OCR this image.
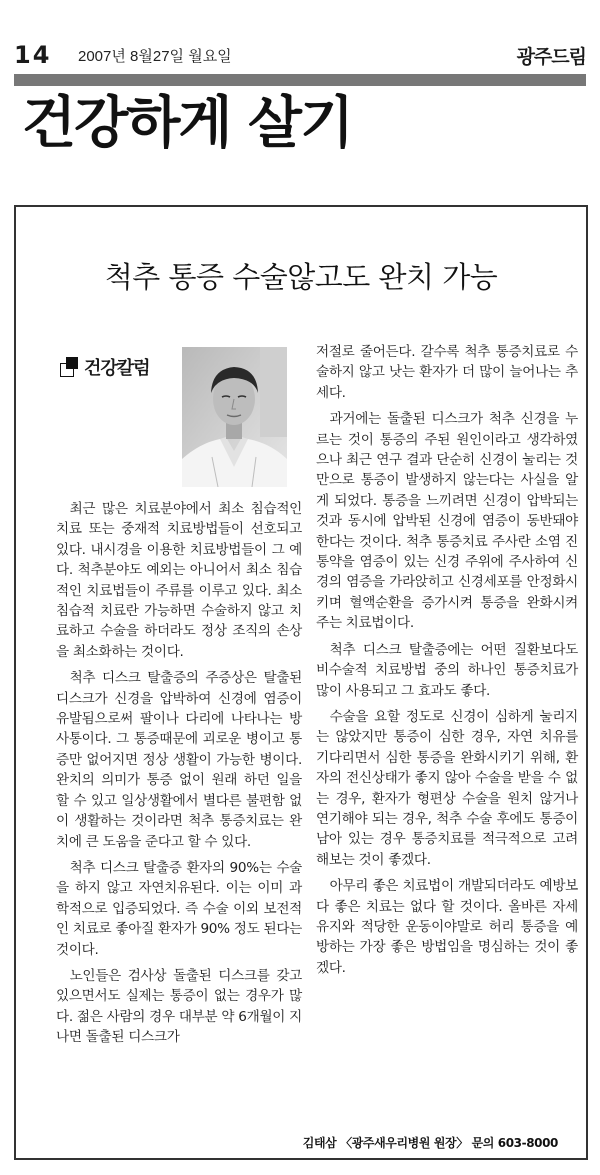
14	2007년 8월27일 월요일	광주드림
건강하게 살기
척추 통증 수술않고도 완치 가능
건강칼럼

최근 많은 치료분야에서 최소 침습적인 치료 또는 중재적 치료방법들이 선호되고 있다. 내시경을 이용한 치료방법들이 그 예다. 척추분야도 예외는 아니어서 최소 침습적인 치료법들이 주류를 이루고 있다. 최소 침습적 치료란 가능하면 수술하지 않고 치료하고 수술을 하더라도 정상 조직의 손상을 최소화하는 것이다.

척추 디스크 탈출증의 주증상은 탈출된 디스크가 신경을 압박하여 신경에 염증이 유발됨으로써 팔이나 다리에 나타나는 방사통이다. 그 통증때문에 괴로운 병이고 통증만 없어지면 정상 생활이 가능한 병이다. 완치의 의미가 통증 없이 원래 하던 일을 할 수 있고 일상생활에서 별다른 불편함 없이 생활하는 것이라면 척추 통증치료는 완치에 큰 도움을 준다고 할 수 있다.

척추 디스크 탈출증 환자의 90%는 수술을 하지 않고 자연치유된다. 이는 이미 과학적으로 입증되었다. 즉 수술 이외 보전적인 치료로 좋아질 환자가 90% 정도 된다는 것이다.

노인들은 검사상 돌출된 디스크를 갖고 있으면서도 실제는 통증이 없는 경우가 많다. 젊은 사람의 경우 대부분 약 6개월이 지나면 돌출된 디스크가

저절로 줄어든다. 갈수록 척추 통증치료로 수술하지 않고 낫는 환자가 더 많이 늘어나는 추세다.

과거에는 돌출된 디스크가 척추 신경을 누르는 것이 통증의 주된 원인이라고 생각하였으나 최근 연구 결과 단순히 신경이 눌리는 것만으로 통증이 발생하지 않는다는 사실을 알게 되었다. 통증을 느끼려면 신경이 압박되는 것과 동시에 압박된 신경에 염증이 동반돼야 한다는 것이다. 척추 통증치료 주사란 소염 진통약을 염증이 있는 신경 주위에 주사하여 신경의 염증을 가라앉히고 신경세포를 안정화시키며 혈액순환을 증가시켜 통증을 완화시켜 주는 치료법이다.

척추 디스크 탈출증에는 어떤 질환보다도 비수술적 치료방법 중의 하나인 통증치료가 많이 사용되고 그 효과도 좋다.

수술을 요할 정도로 신경이 심하게 눌리지는 않았지만 통증이 심한 경우, 자연 치유를 기다리면서 심한 통증을 완화시키기 위해, 환자의 전신상태가 좋지 않아 수술을 받을 수 없는 경우, 환자가 형편상 수술을 원치 않거나 연기해야 되는 경우, 척추 수술 후에도 통증이 남아 있는 경우 통증치료를 적극적으로 고려해보는 것이 좋겠다.

아무리 좋은 치료법이 개발되더라도 예방보다 좋은 치료는 없다 할 것이다. 올바른 자세 유지와 적당한 운동이야말로 허리 통증을 예방하는 가장 좋은 방법임을 명심하는 것이 좋겠다.

김태삼 〈광주새우리병원 원장〉 문의 603-8000
